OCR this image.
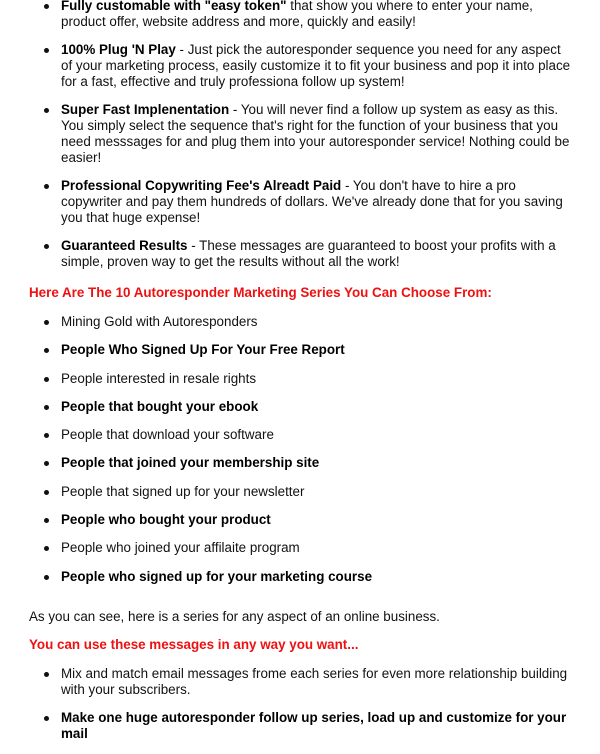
Fully customable with "easy token" that show you where to enter your name, product offer, website address and more, quickly and easily!
100% Plug 'N Play - Just pick the autoresponder sequence you need for any aspect of your marketing process, easily customize it to fit your business and pop it into place for a fast, effective and truly professiona follow up system!
Super Fast Implenentation - You will never find a follow up system as easy as this. You simply select the sequence that's right for the function of your business that you need messsages for and plug them into your autoresponder service! Nothing could be easier!
Professional Copywriting Fee's Alreadt Paid - You don't have to hire a pro copywriter and pay them hundreds of dollars. We've already done that for you saving you that huge expense!
Guaranteed Results - These messages are guaranteed to boost your profits with a simple, proven way to get the results without all the work!

Here Are The 10 Autoresponder Marketing Series You Can Choose From:

Mining Gold with Autoresponders
People Who Signed Up For Your Free Report
People interested in resale rights
People that bought your ebook
People that download your software
People that joined your membership site
People that signed up for your newsletter
People who bought your product
People who joined your affilaite program
People who signed up for your marketing course

As you can see, here is a series for any aspect of an online business.

You can use these messages in any way you want...

Mix and match email messages frome each series for even more relationship building with your subscribers.
Make one huge autoresponder follow up series, load up and customize for your mail
